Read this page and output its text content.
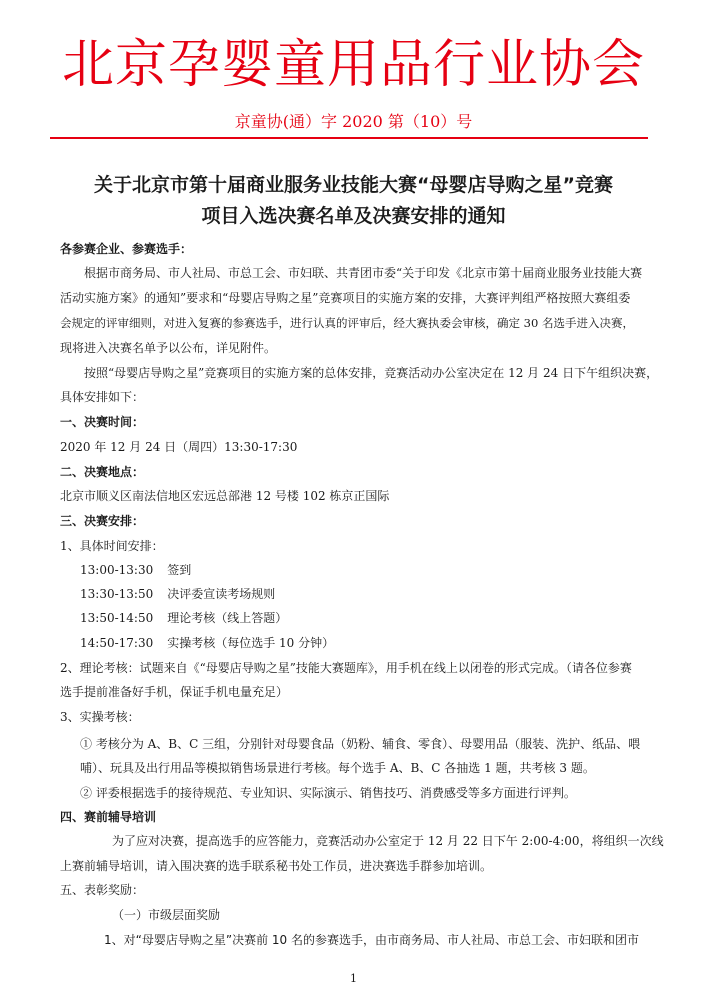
北京孕婴童用品行业协会
京童协(通）字 2020 第（10）号
关于北京市第十届商业服务业技能大赛“母婴店导购之星”竞赛
项目入选决赛名单及决赛安排的通知
各参赛企业、参赛选手：
根据市商务局、市人社局、市总工会、市妇联、共青团市委“关于印发《北京市第十届商业服务业技能大赛
活动实施方案》的通知”要求和“母婴店导购之星”竞赛项目的实施方案的安排，大赛评判组严格按照大赛组委
会规定的评审细则，对进入复赛的参赛选手，进行认真的评审后，经大赛执委会审核，确定 30 名选手进入决赛，
现将进入决赛名单予以公布，详见附件。
按照“母婴店导购之星”竞赛项目的实施方案的总体安排，竞赛活动办公室决定在 12 月 24 日下午组织决赛，
具体安排如下：
一、决赛时间：
2020 年 12 月 24 日（周四）13:30-17:30
二、决赛地点：
北京市顺义区南法信地区宏远总部港 12 号楼 102 栋京正国际
三、决赛安排：
1、具体时间安排：
13:00-13:30 签到
13:30-13:50 决评委宣读考场规则
13:50-14:50 理论考核（线上答题）
14:50-17:30 实操考核（每位选手 10 分钟）
2、理论考核：试题来自《“母婴店导购之星”技能大赛题库》，用手机在线上以闭卷的形式完成。（请各位参赛
选手提前准备好手机，保证手机电量充足）
3、实操考核：
① 考核分为 A、B、C 三组，分别针对母婴食品（奶粉、辅食、零食）、母婴用品（服装、洗护、纸品、喂
哺）、玩具及出行用品等模拟销售场景进行考核。每个选手 A、B、C 各抽选 1 题，共考核 3 题。
② 评委根据选手的接待规范、专业知识、实际演示、销售技巧、消费感受等多方面进行评判。
四、赛前辅导培训
为了应对决赛，提高选手的应答能力，竞赛活动办公室定于 12 月 22 日下午 2:00-4:00，将组织一次线
上赛前辅导培训，请入围决赛的选手联系秘书处工作员，进决赛选手群参加培训。
五、表彰奖励：
（一）市级层面奖励
1、对“母婴店导购之星”决赛前 10 名的参赛选手，由市商务局、市人社局、市总工会、市妇联和团市
1
